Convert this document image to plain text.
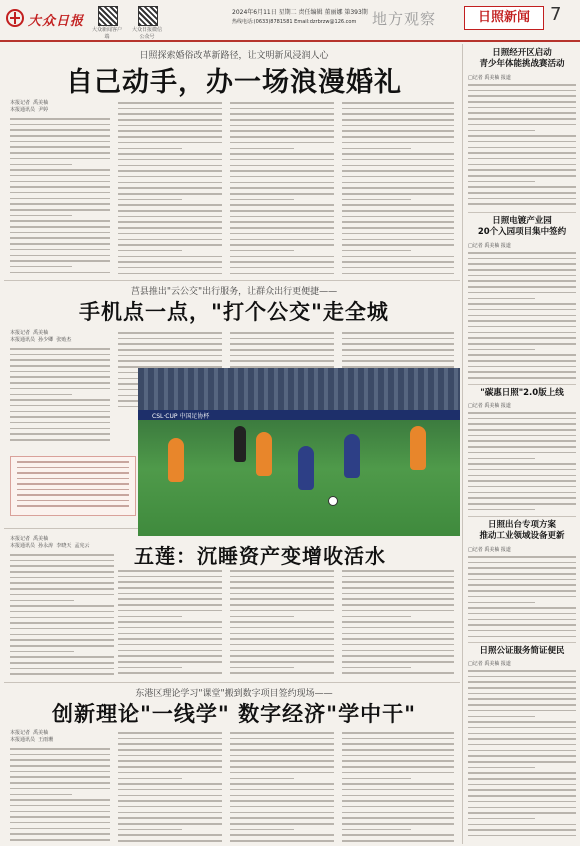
大众日报
大众新闻客户端
大众日报微信公众号
2024年6月11日 星期二 责任编辑 董丽娜 第393期
热线电话:(0633)8781581 Email:dzrbrzw@126.com 地方观察	日照新闻	7
日照探索婚俗改革新路径，让文明新风浸润人心
自己动手，办一场浪漫婚礼
本报记者  禹美柚
本报通讯员  尹婷
莒县推出"云公交"出行服务，让群众出行更便捷——
手机点一点，"打个公交"走全城
本报记者  禹美柚
本报通讯员  孙少卿  张贻杰
五莲：沉睡资产变增收活水
本报记者  禹美柚
本报通讯员  孙永涛  李晓天  孟宪云
东港区理论学习"课堂"搬到数字项目签约现场——
创新理论"一线学" 数字经济"学中干"
本报记者  禹美柚
本报通讯员  王雨珊
CSL·CUP 中国足协杯
日照经开区启动
青少年体能挑战赛活动
□记者 禹美柚 报道
日照电镀产业园
20个入园项目集中签约
□记者 禹美柚 报道
"碳惠日照"2.0版上线
□记者 禹美柚 报道
日照出台专项方案
推动工业领域设备更新
□记者 禹美柚 报道
日照公证服务简证便民
□记者 禹美柚 报道
